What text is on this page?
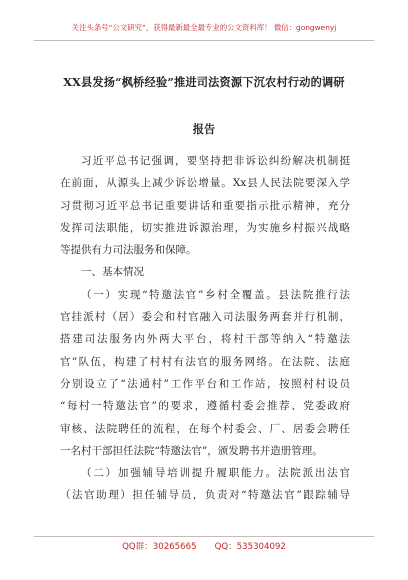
关注头条号“公文研究”，获得最新最全最专业的公文资料库！ 微信：gongwenyj
XX县发扬“枫桥经验”推进司法资源下沉农村行动的调研
报告
习近平总书记强调，要坚持把非诉讼纠纷解决机制挺
在前面，从源头上减少诉讼增量。Xx县人民法院要深入学
习贯彻习近平总书记重要讲话和重要指示批示精神，充分
发挥司法职能，切实推进诉源治理，为实施乡村振兴战略
等提供有力司法服务和保障。
一、基本情况
（一）实现“特邀法官”乡村全覆盖。县法院推行法
官挂派村（居）委会和村官融入司法服务两套并行机制，
搭建司法服务内外两大平台，将村干部等纳入“特邀法
官”队伍，构建了村村有法官的服务网络。在法院、法庭
分别设立了“法通村”工作平台和工作站，按照村村设员
“每村一特邀法官”的要求，遵循村委会推荐、党委政府
审核、法院聘任的流程，在每个村委会、厂、居委会聘任
一名村干部担任法院“特邀法官”，颁发聘书并造册管理。
（二）加强辅导培训提升履职能力。法院派出法官
（法官助理）担任辅导员，负责对“特邀法官”跟踪辅导
QQ群：30265665 QQ：535304092
